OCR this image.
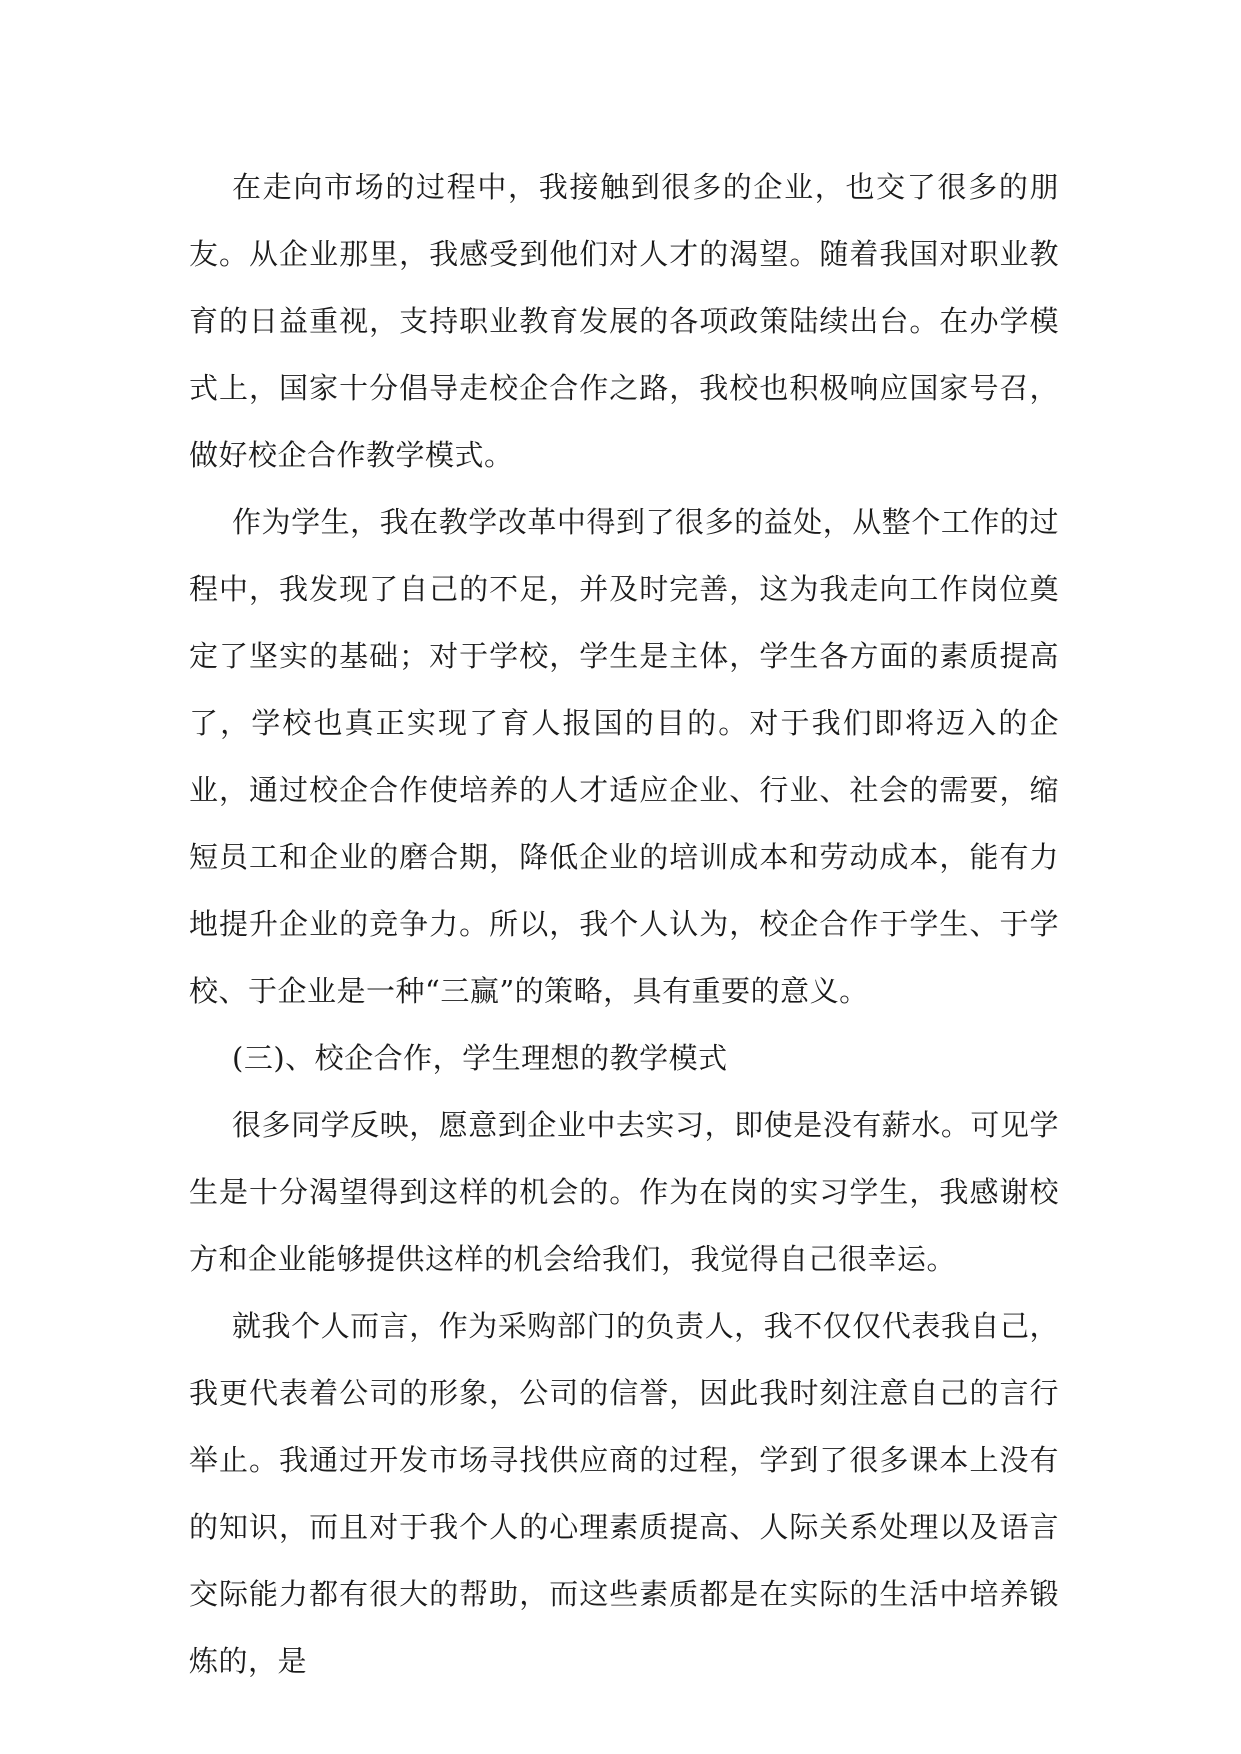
在走向市场的过程中，我接触到很多的企业，也交了很多的朋友。从企业那里，我感受到他们对人才的渴望。随着我国对职业教育的日益重视，支持职业教育发展的各项政策陆续出台。在办学模式上，国家十分倡导走校企合作之路，我校也积极响应国家号召，做好校企合作教学模式。

作为学生，我在教学改革中得到了很多的益处，从整个工作的过程中，我发现了自己的不足，并及时完善，这为我走向工作岗位奠定了坚实的基础；对于学校，学生是主体，学生各方面的素质提高了，学校也真正实现了育人报国的目的。对于我们即将迈入的企业，通过校企合作使培养的人才适应企业、行业、社会的需要，缩短员工和企业的磨合期，降低企业的培训成本和劳动成本，能有力地提升企业的竞争力。所以，我个人认为，校企合作于学生、于学校、于企业是一种“三赢”的策略，具有重要的意义。

(三)、校企合作，学生理想的教学模式

很多同学反映，愿意到企业中去实习，即使是没有薪水。可见学生是十分渴望得到这样的机会的。作为在岗的实习学生，我感谢校方和企业能够提供这样的机会给我们，我觉得自己很幸运。

就我个人而言，作为采购部门的负责人，我不仅仅代表我自己，我更代表着公司的形象，公司的信誉，因此我时刻注意自己的言行举止。我通过开发市场寻找供应商的过程，学到了很多课本上没有的知识，而且对于我个人的心理素质提高、人际关系处理以及语言交际能力都有很大的帮助，而这些素质都是在实际的生活中培养锻炼的，是
